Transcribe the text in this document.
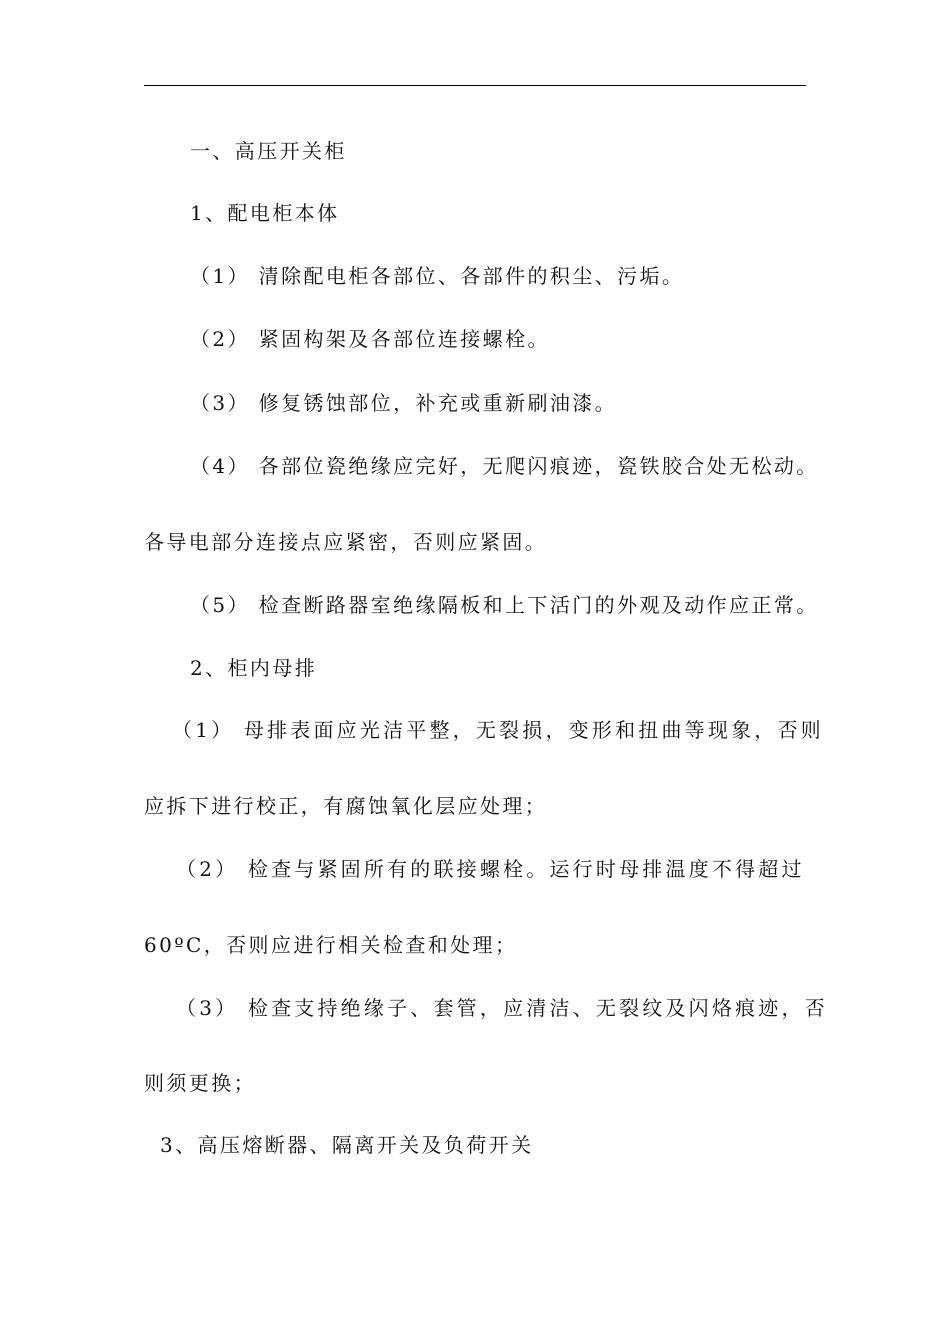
一、高压开关柜
1、配电柜本体
（1） 清除配电柜各部位、各部件的积尘、污垢。
（2） 紧固构架及各部位连接螺栓。
（3） 修复锈蚀部位，补充或重新刷油漆。
（4） 各部位瓷绝缘应完好，无爬闪痕迹，瓷铁胶合处无松动。
各导电部分连接点应紧密，否则应紧固。
（5） 检查断路器室绝缘隔板和上下活门的外观及动作应正常。
2、柜内母排
（1） 母排表面应光洁平整，无裂损，变形和扭曲等现象，否则
应拆下进行校正，有腐蚀氧化层应处理；
（2） 检查与紧固所有的联接螺栓。运行时母排温度不得超过
60ºC，否则应进行相关检查和处理；
（3） 检查支持绝缘子、套管，应清洁、无裂纹及闪烙痕迹，否
则须更换；
3、高压熔断器、隔离开关及负荷开关
